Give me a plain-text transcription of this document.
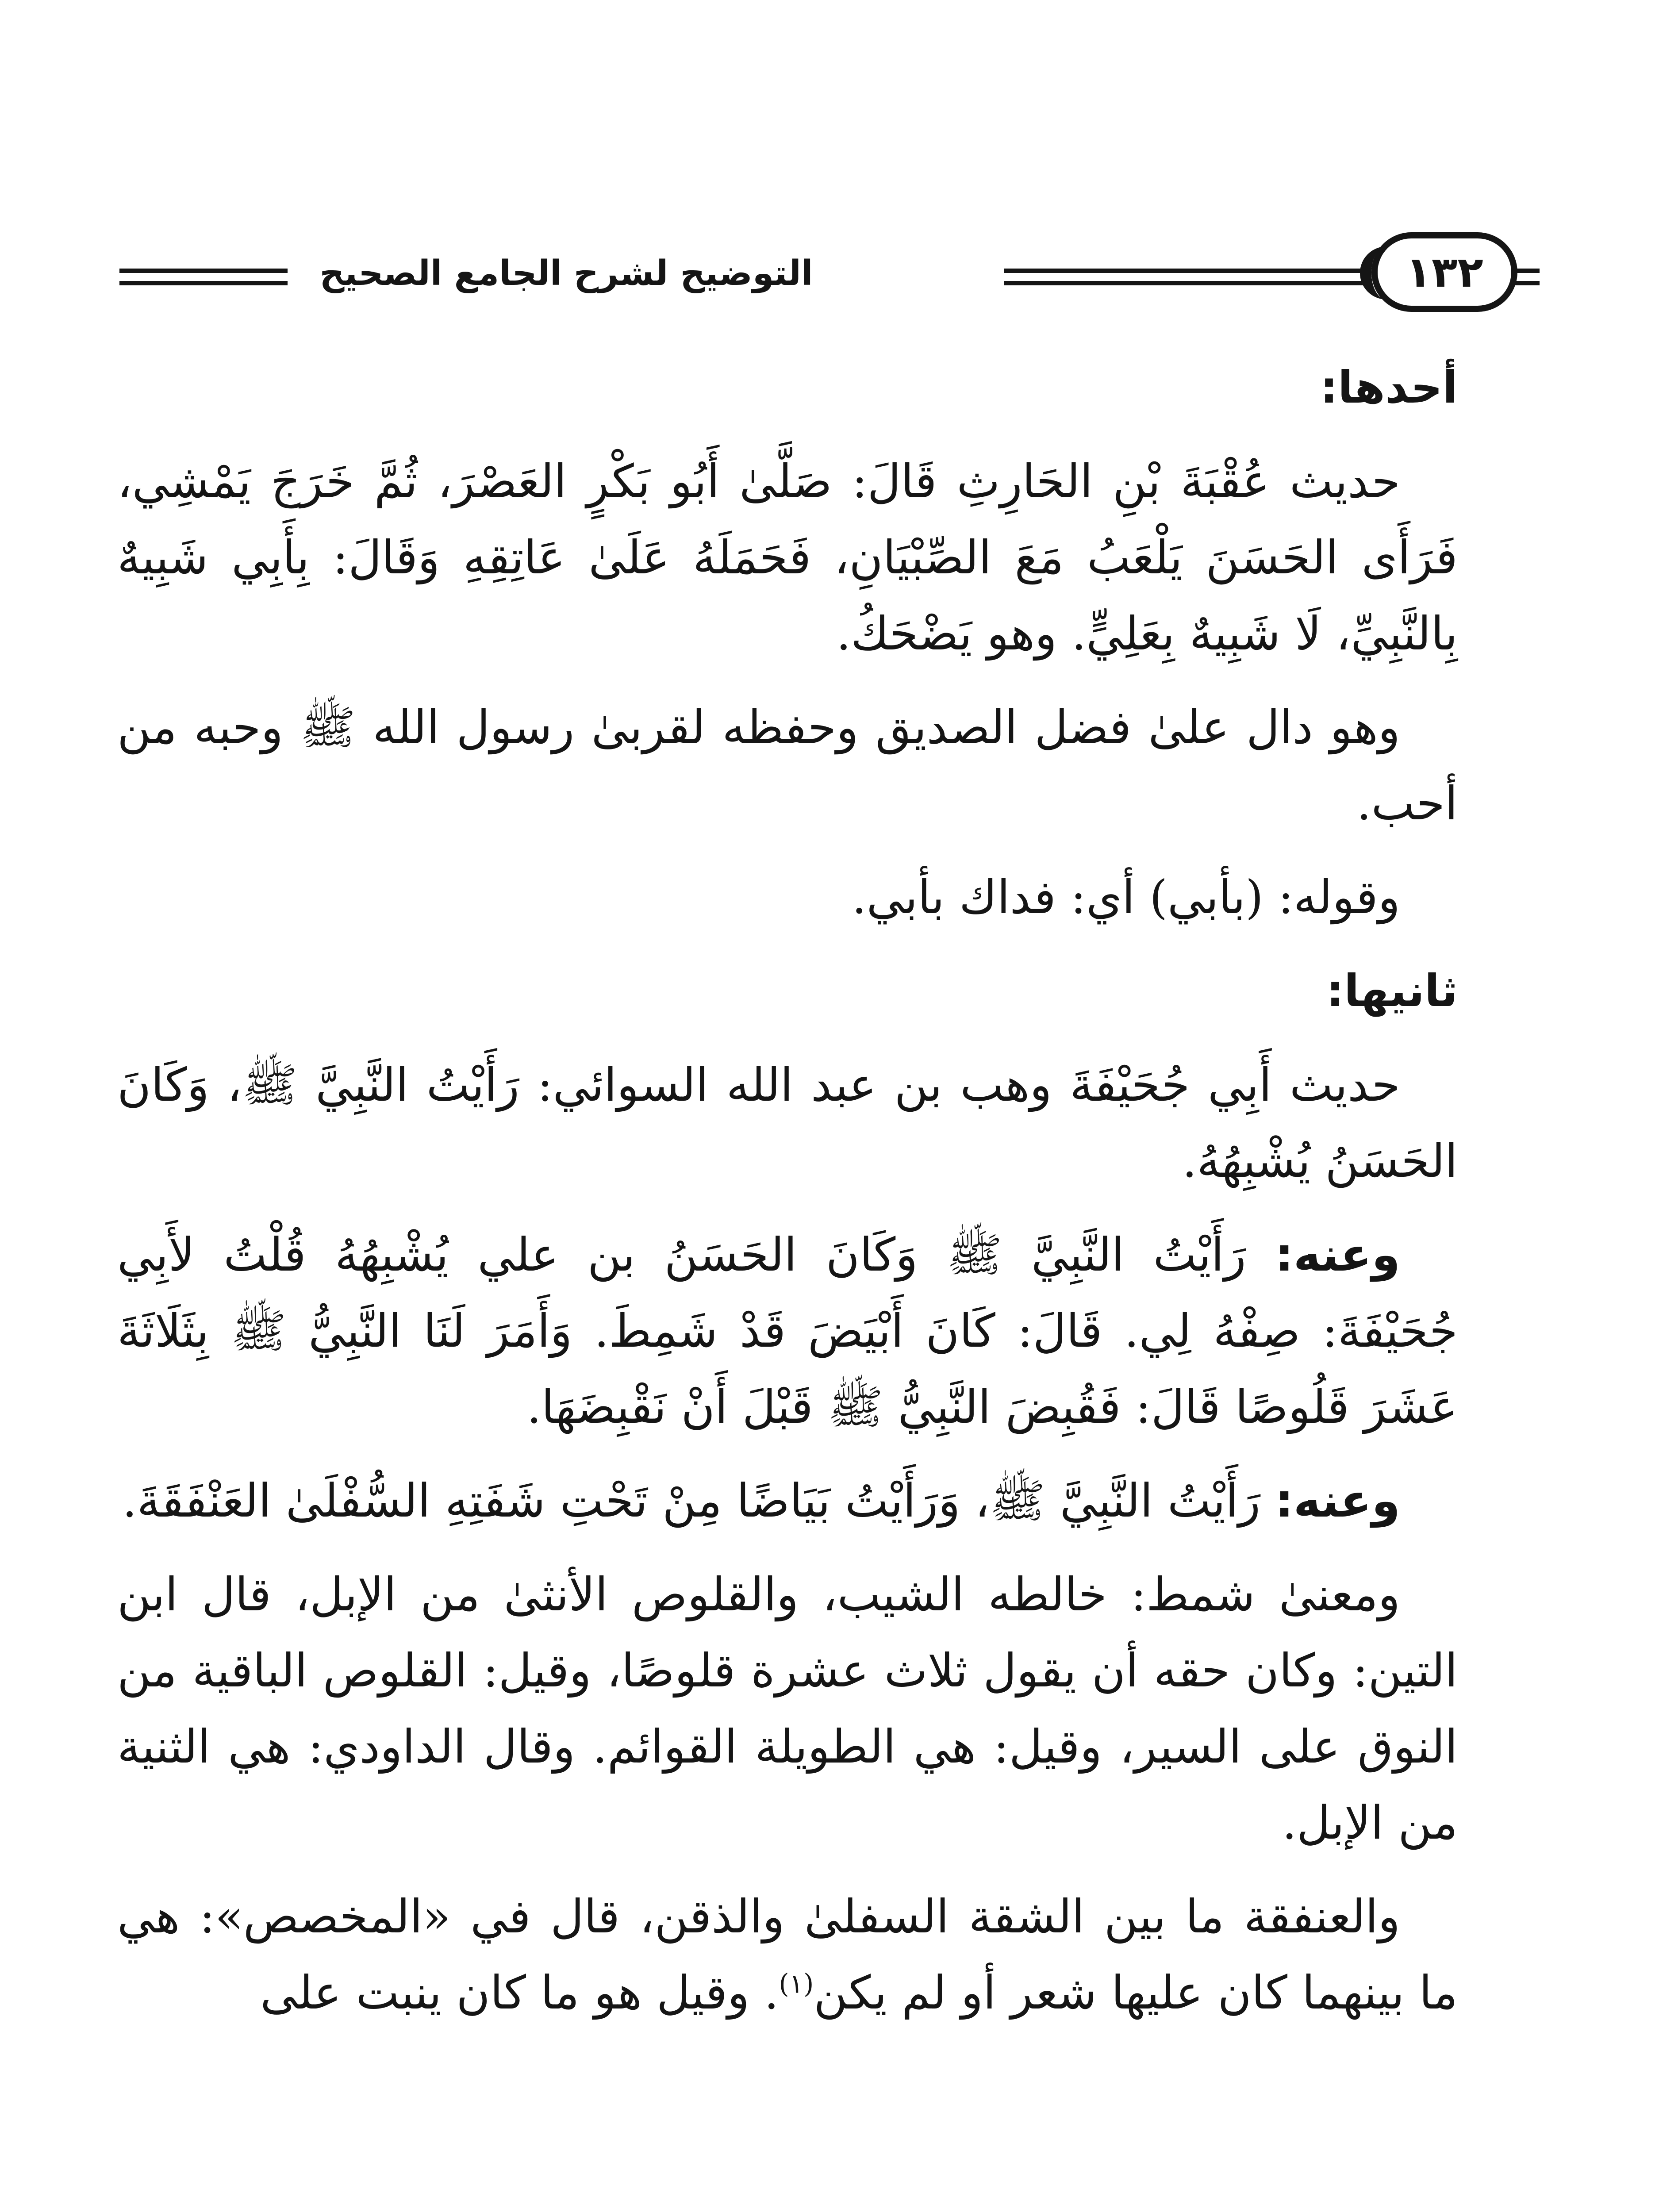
التوضيح لشرح الجامع الصحيح	١٣٢

أحدها:

حديث عُقْبَةَ بْنِ الحَارِثِ قَالَ: صَلَّىٰ أَبُو بَكْرٍ العَصْرَ، ثُمَّ خَرَجَ يَمْشِي، فَرَأَى الحَسَنَ يَلْعَبُ مَعَ الصِّبْيَانِ، فَحَمَلَهُ عَلَىٰ عَاتِقِهِ وَقَالَ: بِأَبِي شَبِيهٌ بِالنَّبِيِّ، لَا شَبِيهٌ بِعَلِيٍّ. وهو يَضْحَكُ.

وهو دال علىٰ فضل الصديق وحفظه لقربىٰ رسول الله ﷺ وحبه من أحب.

وقوله: (بأبي) أي: فداك بأبي.

ثانيها:

حديث أَبِي جُحَيْفَةَ وهب بن عبد الله السوائي: رَأَيْتُ النَّبِيَّ ﷺ، وَكَانَ الحَسَنُ يُشْبِهُهُ.

وعنه: رَأَيْتُ النَّبِيَّ ﷺ وَكَانَ الحَسَنُ بن علي يُشْبِهُهُ قُلْتُ لأَبِي جُحَيْفَةَ: صِفْهُ لِي. قَالَ: كَانَ أَبْيَضَ قَدْ شَمِطَ. وَأَمَرَ لَنَا النَّبِيُّ ﷺ بِثَلَاثَةَ عَشَرَ قَلُوصًا قَالَ: فَقُبِضَ النَّبِيُّ ﷺ قَبْلَ أَنْ نَقْبِضَهَا.

وعنه: رَأَيْتُ النَّبِيَّ ﷺ، وَرَأَيْتُ بَيَاضًا مِنْ تَحْتِ شَفَتِهِ السُّفْلَىٰ العَنْفَقَةَ.

ومعنىٰ شمط: خالطه الشيب، والقلوص الأنثىٰ من الإبل، قال ابن التين: وكان حقه أن يقول ثلاث عشرة قلوصًا، وقيل: القلوص الباقية من النوق على السير، وقيل: هي الطويلة القوائم. وقال الداودي: هي الثنية من الإبل.

والعنفقة ما بين الشقة السفلىٰ والذقن، قال في «المخصص»: هي ما بينهما كان عليها شعر أو لم يكن$^{(١)}$. وقيل هو ما كان ينبت على
